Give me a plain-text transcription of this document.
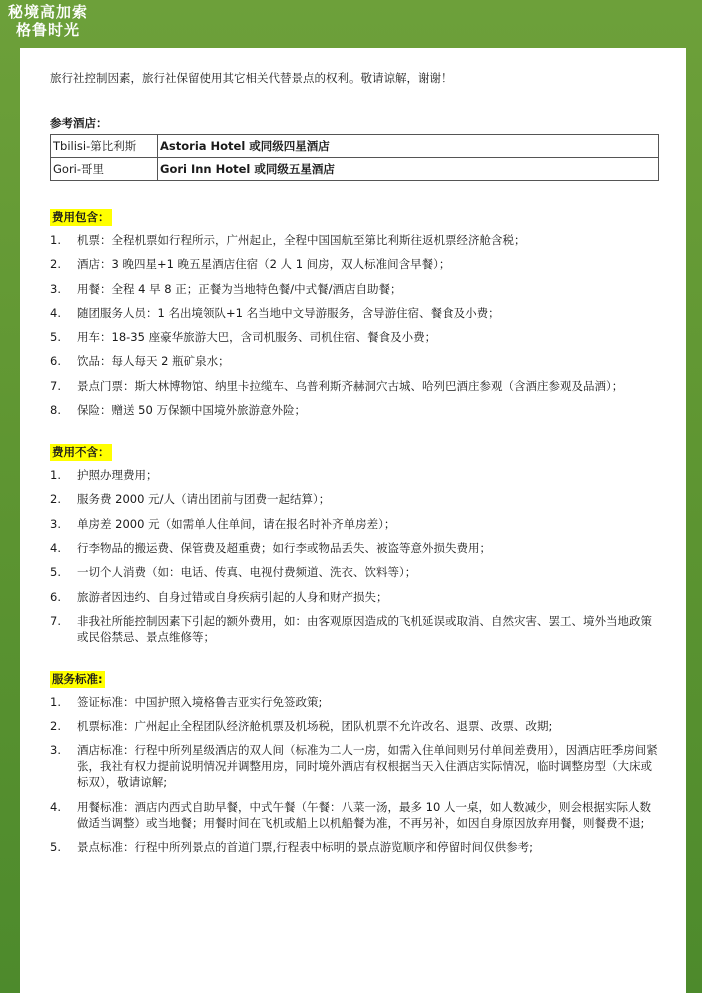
秘境高加索
格鲁时光

旅行社控制因素，旅行社保留使用其它相关代替景点的权利。敬请谅解，谢谢！

参考酒店：
Tbilisi-第比利斯	Astoria Hotel 或同级四星酒店
Gori-哥里	Gori Inn Hotel 或同级五星酒店
费用包含：
1. 机票：全程机票如行程所示，广州起止，全程中国国航至第比利斯往返机票经济舱含税；
2. 酒店：3 晚四星+1 晚五星酒店住宿（2 人 1 间房，双人标准间含早餐）；
3. 用餐：全程 4 早 8 正；正餐为当地特色餐/中式餐/酒店自助餐；
4. 随团服务人员：1 名出境领队+1 名当地中文导游服务，含导游住宿、餐食及小费；
5. 用车：18-35 座豪华旅游大巴，含司机服务、司机住宿、餐食及小费；
6. 饮品：每人每天 2 瓶矿泉水；
7. 景点门票：斯大林博物馆、纳里卡拉缆车、乌普利斯齐赫洞穴古城、哈列巴酒庄参观（含酒庄参观及品酒）；
8. 保险：赠送 50 万保额中国境外旅游意外险；
费用不含：
1. 护照办理费用；
2. 服务费 2000 元/人（请出团前与团费一起结算）；
3. 单房差 2000 元（如需单人住单间，请在报名时补齐单房差）；
4. 行李物品的搬运费、保管费及超重费；如行李或物品丢失、被盗等意外损失费用；
5. 一切个人消费（如：电话、传真、电视付费频道、洗衣、饮料等）；
6. 旅游者因违约、自身过错或自身疾病引起的人身和财产损失；
7. 非我社所能控制因素下引起的额外费用，如：由客观原因造成的飞机延误或取消、自然灾害、罢工、境外当地政策或民俗禁忌、景点维修等；
服务标准:
1. 签证标准：中国护照入境格鲁吉亚实行免签政策;
2. 机票标准：广州起止全程团队经济舱机票及机场税，团队机票不允许改名、退票、改票、改期;
3. 酒店标准：行程中所列星级酒店的双人间（标准为二人一房，如需入住单间则另付单间差费用），因酒店旺季房间紧张，我社有权力提前说明情况并调整用房，同时境外酒店有权根据当天入住酒店实际情况，临时调整房型（大床或标双），敬请谅解;
4. 用餐标准：酒店内西式自助早餐，中式午餐（午餐：八菜一汤，最多 10 人一桌，如人数减少，则会根据实际人数做适当调整）或当地餐；用餐时间在飞机或船上以机船餐为准，不再另补，如因自身原因放弃用餐，则餐费不退;
5. 景点标准：行程中所列景点的首道门票,行程表中标明的景点游览顺序和停留时间仅供参考;
行以解忧，在有暴走
